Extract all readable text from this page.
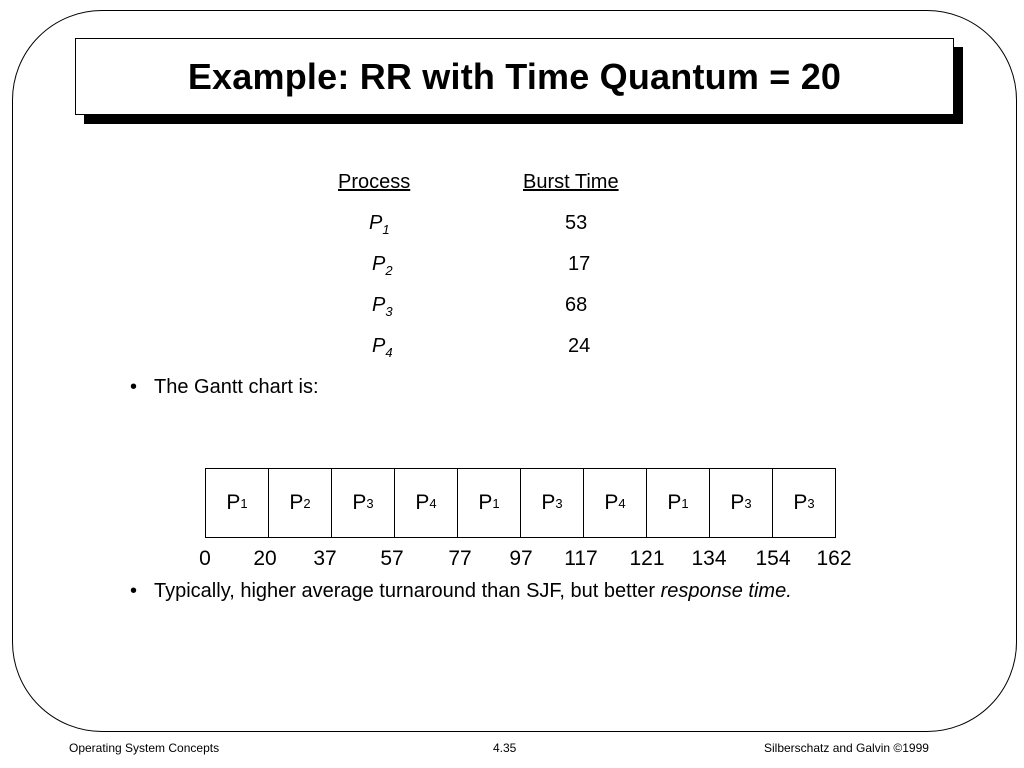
Example: RR with Time Quantum = 20
Process	Burst Time
$P_1$	53
$P_2$	17
$P_3$	68
$P_4$	24
• The Gantt chart is:
P 1 P 2 P 3 P 4 P 1 P 3 P 4 P 1 P 3 P 3
0 20 37 57 77 97 117 121 134 154 162
• Typically, higher average turnaround than SJF, but better response time.
Operating System Concepts	4.35	Silberschatz and Galvin ©1999
